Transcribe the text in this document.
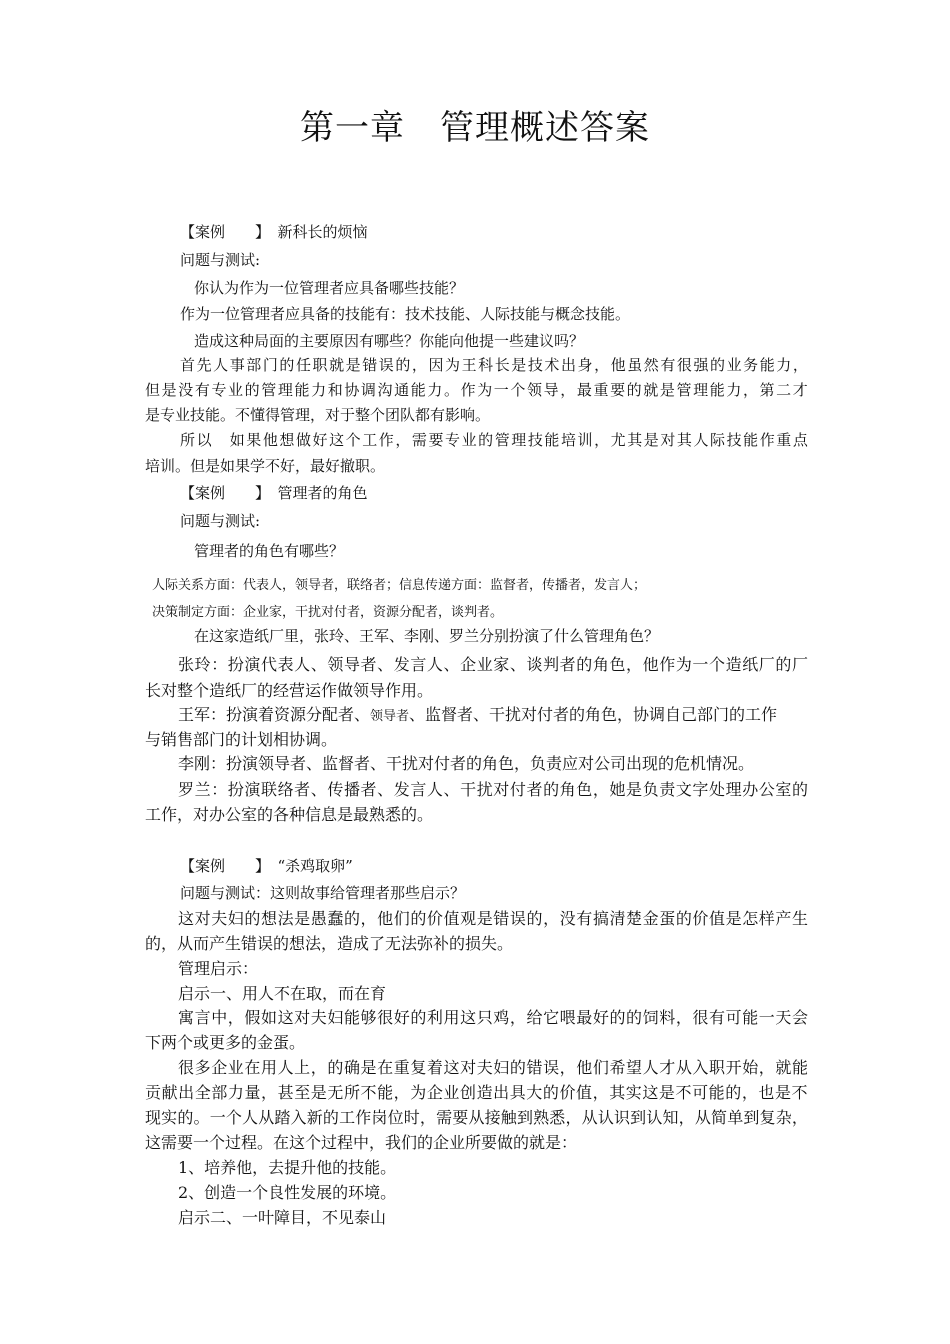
第一章　管理概述答案
【案例　　】　新科长的烦恼
问题与测试:
你认为作为一位管理者应具备哪些技能？
作为一位管理者应具备的技能有：技术技能、人际技能与概念技能。
造成这种局面的主要原因有哪些？你能向他提一些建议吗？
首 先 人 事 部 门 的 任 职 就 是 错 误 的 ， 因 为 王 科 长 是 技 术 出 身 ， 他 虽 然 有 很 强 的 业 务 能 力 ，
但 是 没 有 专 业 的 管 理 能 力 和 协 调 沟 通 能 力 。 作 为 一 个 领 导 ， 最 重 要 的 就 是 管 理 能 力 ， 第 二 才
是专业技能。不懂得管理，对于整个团队都有影响。
所 以
　 如 果 他 想 做 好 这 个 工 作 ， 需 要 专 业 的 管 理 技 能 培 训 ， 尤 其 是 对 其 人 际 技 能 作 重 点
培训。但是如果学不好，最好撤职。
【案例　　】　管理者的角色
问题与测试:
管理者的角色有哪些？
人际关系方面：代表人，领导者，联络者；信息传递方面：监督者，传播者，发言人；
决策制定方面：企业家，干扰对付者，资源分配者，谈判者。
在这家造纸厂里，张玲、王军、李刚、罗兰分别扮演了什么管理角色？
张 玲 ： 扮 演 代 表 人 、 领 导 者 、 发 言 人 、 企 业 家 、 谈 判 者 的 角 色 ， 他 作 为 一 个 造 纸 厂 的 厂
长对整个造纸厂的经营运作做领导作用。
王军：扮演着资源分配者、领导者、监督者、干扰对付者的角色，协调自己部门的工作
与销售部门的计划相协调。
李刚：扮演领导者、监督者、干扰对付者的角色，负责应对公司出现的危机情况。
罗 兰 ： 扮 演 联 络 者 、 传 播 者 、 发 言 人 、 干 扰 对 付 者 的 角 色 ， 她 是 负 责 文 字 处 理 办 公 室 的
工作，对办公室的各种信息是最熟悉的。
【案例　　】　“杀鸡取卵”
问题与测试：这则故事给管理者那些启示？
这 对 夫 妇 的 想 法 是 愚 蠢 的 ， 他 们 的 价 值 观 是 错 误 的 ， 没 有 搞 清 楚 金 蛋 的 价 值 是 怎 样 产 生
的，从而产生错误的想法，造成了无法弥补的损失。
管理启示：
启示一、用人不在取，而在育
寓 言 中 ， 假 如 这 对 夫 妇 能 够 很 好 的 利 用 这 只 鸡 ， 给 它 喂 最 好 的 的 饲 料 ， 很 有 可 能 一 天 会
下两个或更多的金蛋。
很 多 企 业 在 用 人 上 ， 的 确 是 在 重 复 着 这 对 夫 妇 的 错 误 ， 他 们 希 望 人 才 从 入 职 开 始 ， 就 能
贡 献 出 全 部 力 量 ， 甚 至 是 无 所 不 能 ， 为 企 业 创 造 出 具 大 的 价 值 ， 其 实 这 是 不 可 能 的 ， 也 是 不
现 实 的 。 一 个 人 从 踏 入 新 的 工 作 岗 位 时 ， 需 要 从 接 触 到 熟 悉 ， 从 认 识 到 认 知 ， 从 简 单 到 复 杂 ，
这需要一个过程。在这个过程中，我们的企业所要做的就是：
1、培养他，去提升他的技能。
2、创造一个良性发展的环境。
启示二、一叶障目，不见泰山
